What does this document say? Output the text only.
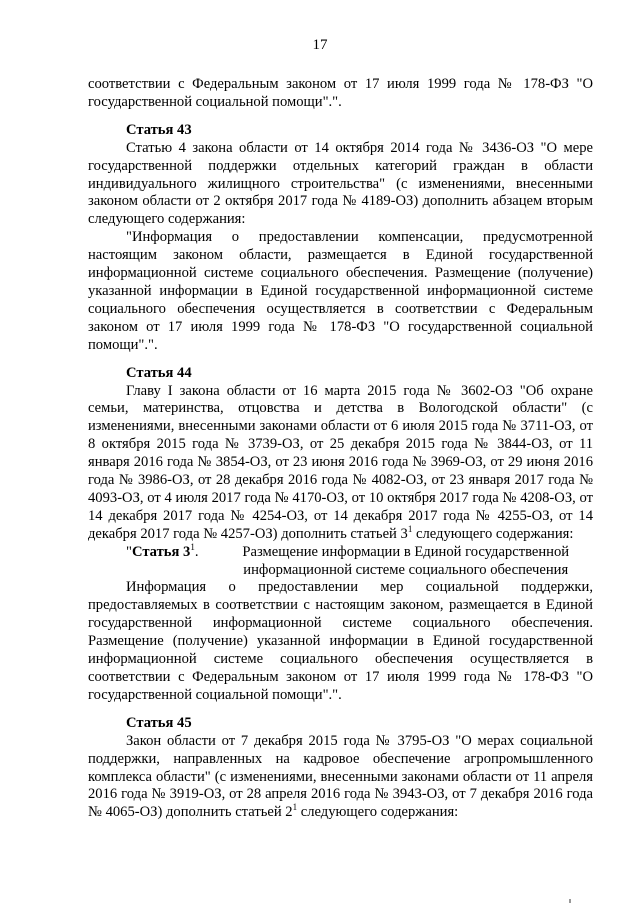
17

соответствии с Федеральным законом от 17 июля 1999 года № 178-ФЗ "О государственной социальной помощи".".

Статья 43

Статью 4 закона области от 14 октября 2014 года № 3436-ОЗ "О мере государственной поддержки отдельных категорий граждан в области индивидуального жилищного строительства" (с изменениями, внесенными законом области от 2 октября 2017 года № 4189-ОЗ) дополнить абзацем вторым следующего содержания:

"Информация о предоставлении компенсации, предусмотренной настоящим законом области, размещается в Единой государственной информационной системе социального обеспечения. Размещение (получение) указанной информации в Единой государственной информационной системе социального обеспечения осуществляется в соответствии с Федеральным законом от 17 июля 1999 года № 178-ФЗ "О государственной социальной помощи".".

Статья 44

Главу I закона области от 16 марта 2015 года № 3602-ОЗ "Об охране семьи, материнства, отцовства и детства в Вологодской области" (с изменениями, внесенными законами области от 6 июля 2015 года № 3711-ОЗ, от 8 октября 2015 года № 3739-ОЗ, от 25 декабря 2015 года № 3844-ОЗ, от 11 января 2016 года № 3854-ОЗ, от 23 июня 2016 года № 3969-ОЗ, от 29 июня 2016 года № 3986-ОЗ, от 28 декабря 2016 года № 4082-ОЗ, от 23 января 2017 года № 4093-ОЗ, от 4 июля 2017 года № 4170-ОЗ, от 10 октября 2017 года № 4208-ОЗ, от 14 декабря 2017 года № 4254-ОЗ, от 14 декабря 2017 года № 4255-ОЗ, от 14 декабря 2017 года № 4257-ОЗ) дополнить статьей $3^1$ следующего содержания:

"Статья $3^1$.	Размещение информации в Единой государственной информационной системе социального обеспечения

Информация о предоставлении мер социальной поддержки, предоставляемых в соответствии с настоящим законом, размещается в Единой государственной информационной системе социального обеспечения. Размещение (получение) указанной информации в Единой государственной информационной системе социального обеспечения осуществляется в соответствии с Федеральным законом от 17 июля 1999 года № 178-ФЗ "О государственной социальной помощи".".

Статья 45

Закон области от 7 декабря 2015 года № 3795-ОЗ "О мерах социальной поддержки, направленных на кадровое обеспечение агропромышленного комплекса области" (с изменениями, внесенными законами области от 11 апреля 2016 года № 3919-ОЗ, от 28 апреля 2016 года № 3943-ОЗ, от 7 декабря 2016 года № 4065-ОЗ) дополнить статьей $2^1$ следующего содержания:
